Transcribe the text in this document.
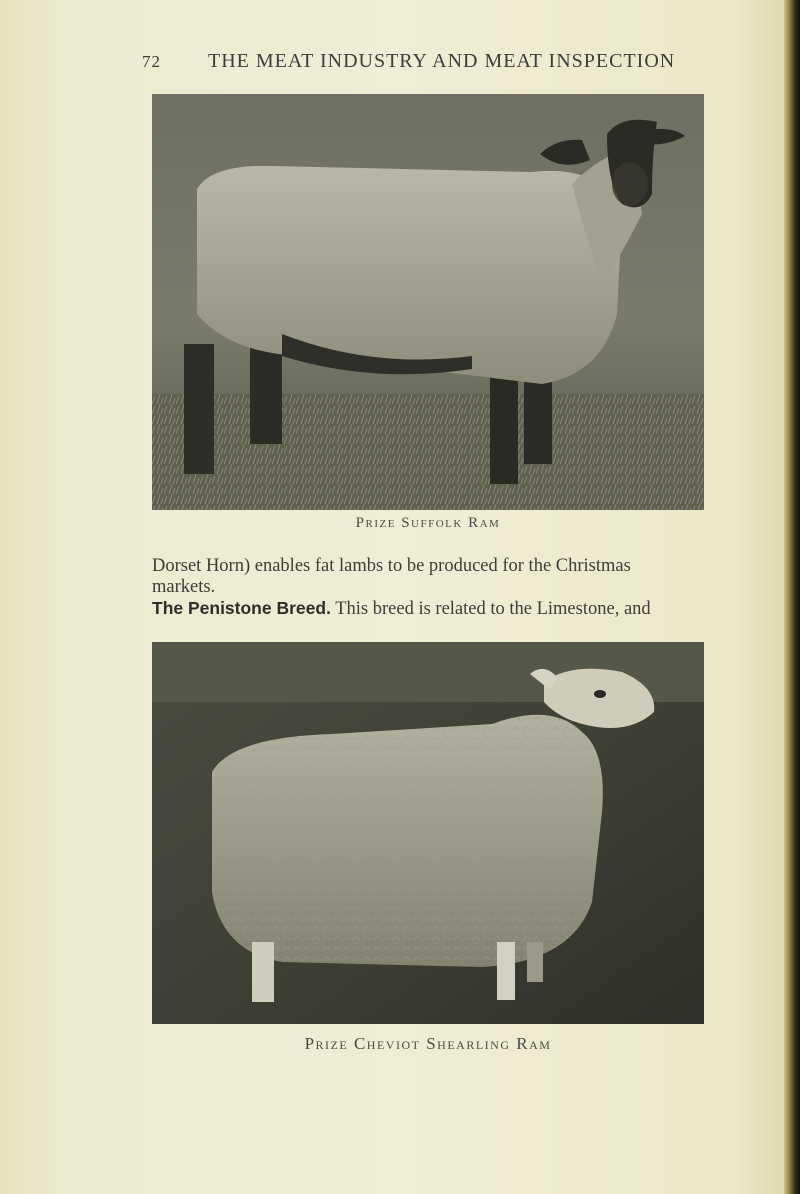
72 THE MEAT INDUSTRY AND MEAT INSPECTION
Prize Suffolk Ram

Dorset Horn) enables fat lambs to be produced for the Christmas

markets.

The Penistone Breed. This breed is related to the Limestone, and

Prize Cheviot Shearling Ram
